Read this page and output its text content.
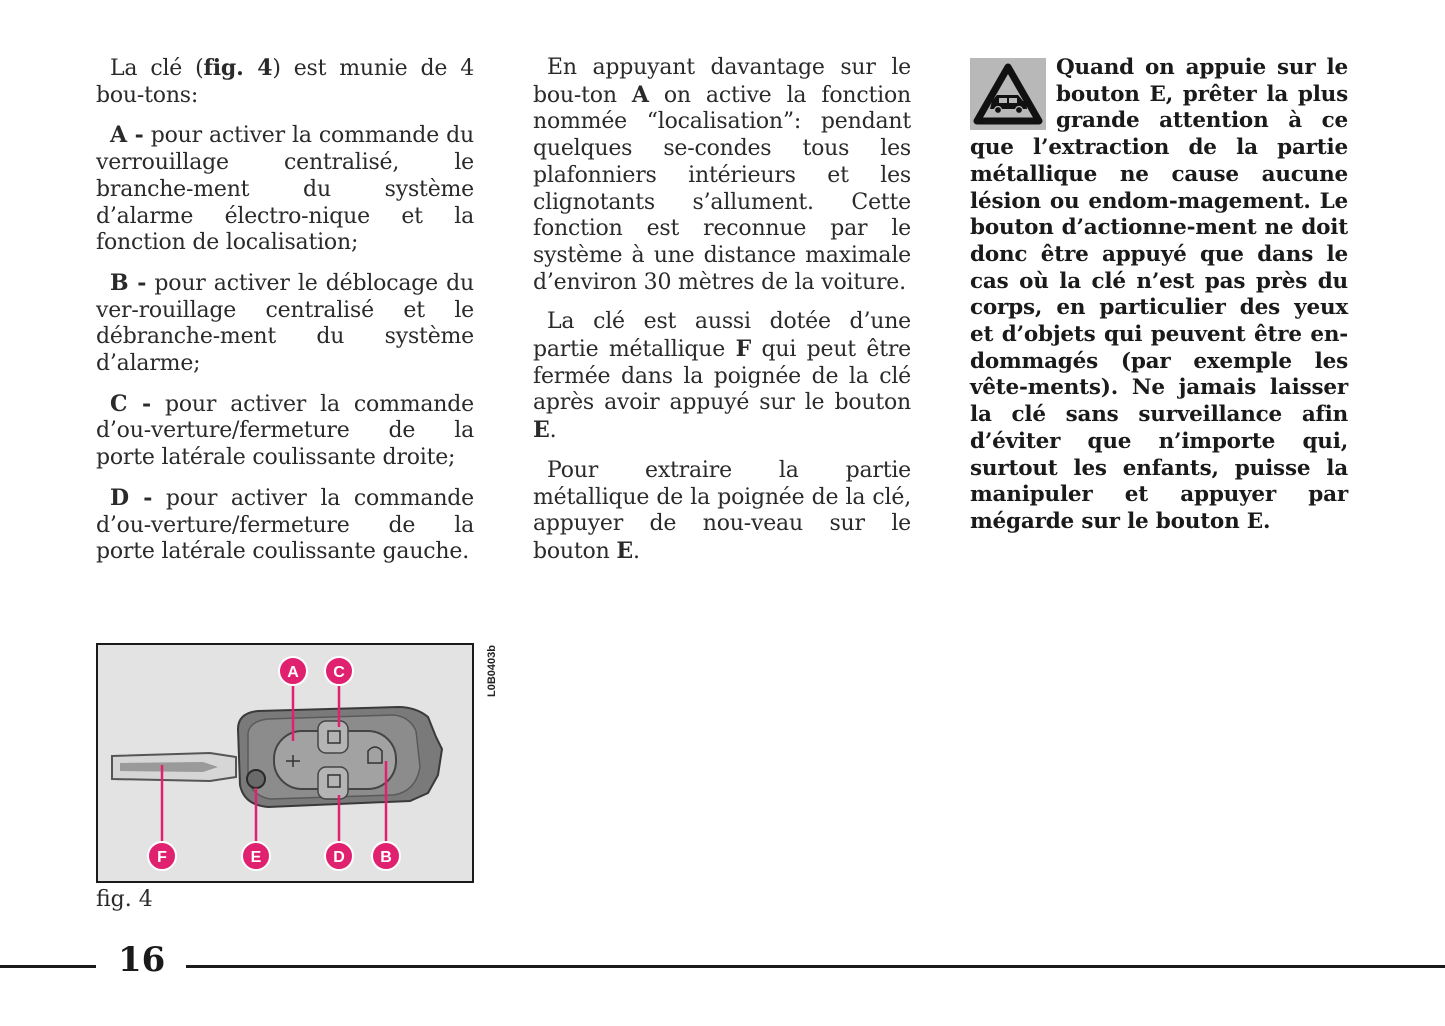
La clé (fig. 4) est munie de 4 bou-tons:

A - pour activer la commande du verrouillage centralisé, le branche-ment du système d’alarme électro-nique et la fonction de localisation;

B - pour activer le déblocage du ver-rouillage centralisé et le débranche-ment du système d’alarme;

C - pour activer la commande d’ou-verture/fermeture de la porte latérale coulissante droite;

D - pour activer la commande d’ou-verture/fermeture de la porte latérale coulissante gauche.

En appuyant davantage sur le bou-ton A on active la fonction nommée “localisation”: pendant quelques se-condes tous les plafonniers intérieurs et les clignotants s’allument. Cette fonction est reconnue par le système à une distance maximale d’environ 30 mètres de la voiture.

La clé est aussi dotée d’une partie métallique F qui peut être fermée dans la poignée de la clé après avoir appuyé sur le bouton E.

Pour extraire la partie métallique de la poignée de la clé, appuyer de nou-veau sur le bouton E.

Quand on appuie sur le bouton E, prêter la plus grande attention à ce que l’extraction de la partie métallique ne cause aucune lésion ou endom-magement. Le bouton d’actionne-ment ne doit donc être appuyé que dans le cas où la clé n’est pas près du corps, en particulier des yeux et d’objets qui peuvent être en-dommagés (par exemple les vête-ments). Ne jamais laisser la clé sans surveillance afin d’éviter que n’importe qui, surtout les enfants, puisse la manipuler et appuyer par mégarde sur le bouton E.

A C
F	E	D B
L0B0403b
fig. 4
16
